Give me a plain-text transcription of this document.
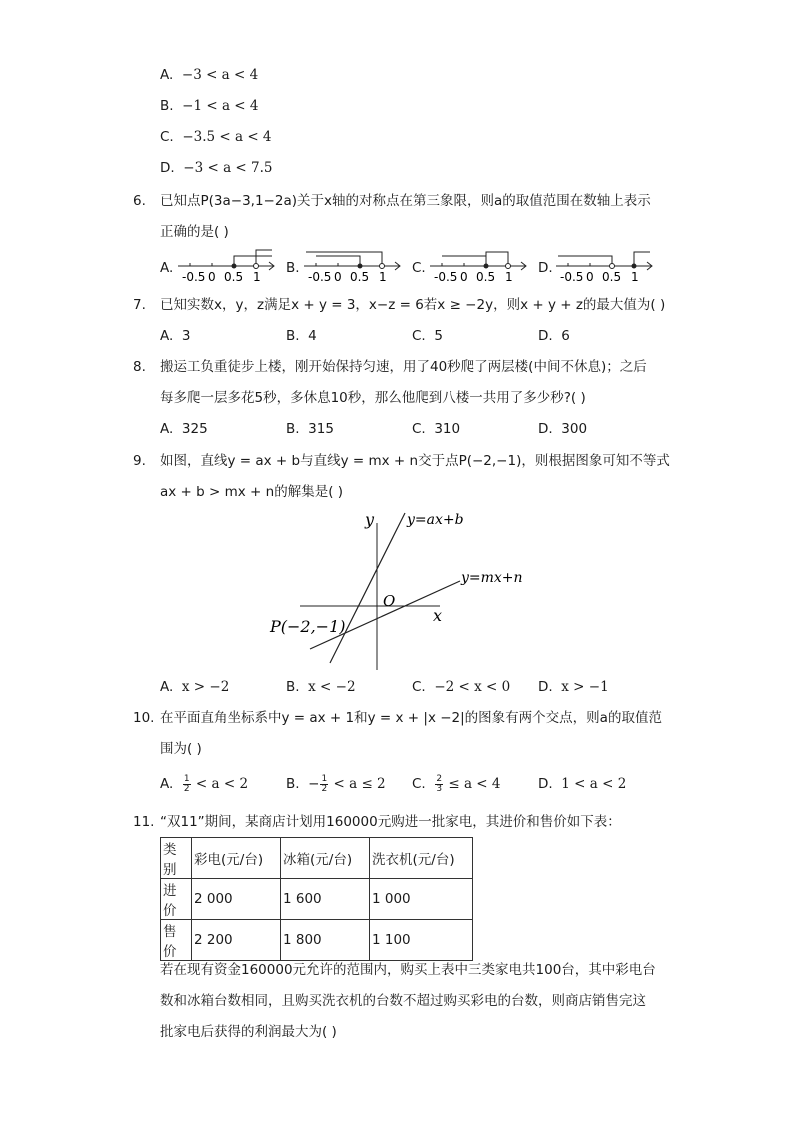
A. −3 < a < 4
B. −1 < a < 4
C. −3.5 < a < 4
D. −3 < a < 7.5
6. 已知点P(3a−3,1−2a)关于x轴的对称点在第三象限，则a的取值范围在数轴上表示
正确的是( )
A.	B.	C.	D.
-0.5 0 0.5 1	-0.5 0 0.5 1	-0.5 0 0.5 1	-0.5 0 0.5 1
7. 已知实数x，y，z满足x + y = 3，x−z = 6若x ≥ −2y，则x + y + z的最大值为( )
A. 3	B. 4	C. 5	D. 6
8. 搬运工负重徒步上楼，刚开始保持匀速，用了40秒爬了两层楼(中间不休息)；之后
每多爬一层多花5秒，多休息10秒，那么他爬到八楼一共用了多少秒?( )
A. 325	B. 315	C. 310	D. 300
9. 如图，直线y = ax + b与直线y = mx + n交于点P(−2,−1)，则根据图象可知不等式
ax + b > mx + n的解集是( )
y
x
O
y=ax+b
y=mx+n
P(−2,−1)
A. x > −2	B. x < −2	C. −2 < x < 0 D. x > −1
10. 在平面直角坐标系中y = ax + 1和y = x + |x −2|的图象有两个交点，则a的取值范
围为( )
A. $\frac{1}{2} < a < 2$	B. − $\frac{1}{2} < a \le 2$ C. $\frac{2}{3} \le a < 4$	D. 1 < a < 2
11. “双11”期间，某商店计划用160000元购进一批家电，其进价和售价如下表：
类别	彩电(元/台)	冰箱(元/台)	洗衣机(元/台)
进价	2 000	1 600	1 000
售价	2 200	1 800	1 100
若在现有资金160000元允许的范围内，购买上表中三类家电共100台，其中彩电台
数和冰箱台数相同，且购买洗衣机的台数不超过购买彩电的台数，则商店销售完这
批家电后获得的利润最大为( )
